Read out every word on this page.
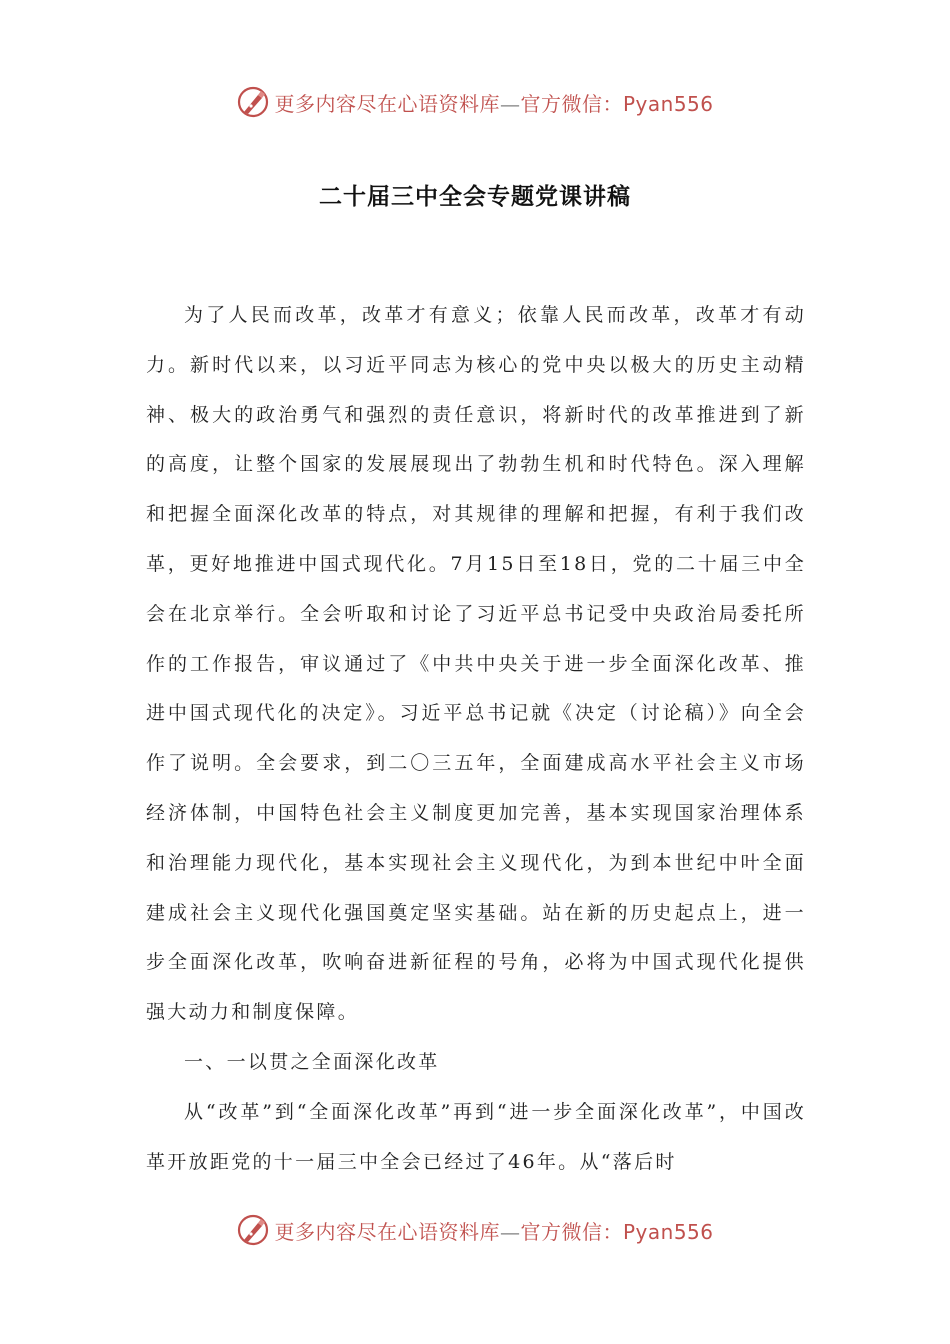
更多内容尽在心语资料库—官方微信：Pyan556
二十届三中全会专题党课讲稿

为了人民而改革，改革才有意义；依靠人民而改革，改革才有动力。新时代以来，以习近平同志为核心的党中央以极大的历史主动精神、极大的政治勇气和强烈的责任意识，将新时代的改革推进到了新的高度，让整个国家的发展展现出了勃勃生机和时代特色。深入理解和把握全面深化改革的特点，对其规律的理解和把握，有利于我们改革，更好地推进中国式现代化。7月15日至18日，党的二十届三中全会在北京举行。全会听取和讨论了习近平总书记受中央政治局委托所作的工作报告，审议通过了《中共中央关于进一步全面深化改革、推进中国式现代化的决定》。习近平总书记就《决定（讨论稿）》向全会作了说明。全会要求，到二〇三五年，全面建成高水平社会主义市场经济体制，中国特色社会主义制度更加完善，基本实现国家治理体系和治理能力现代化，基本实现社会主义现代化，为到本世纪中叶全面建成社会主义现代化强国奠定坚实基础。站在新的历史起点上，进一步全面深化改革，吹响奋进新征程的号角，必将为中国式现代化提供强大动力和制度保障。

一、一以贯之全面深化改革

从“改革”到“全面深化改革”再到“进一步全面深化改革”，中国改革开放距党的十一届三中全会已经过了46年。从“落后时

更多内容尽在心语资料库—官方微信：Pyan556
